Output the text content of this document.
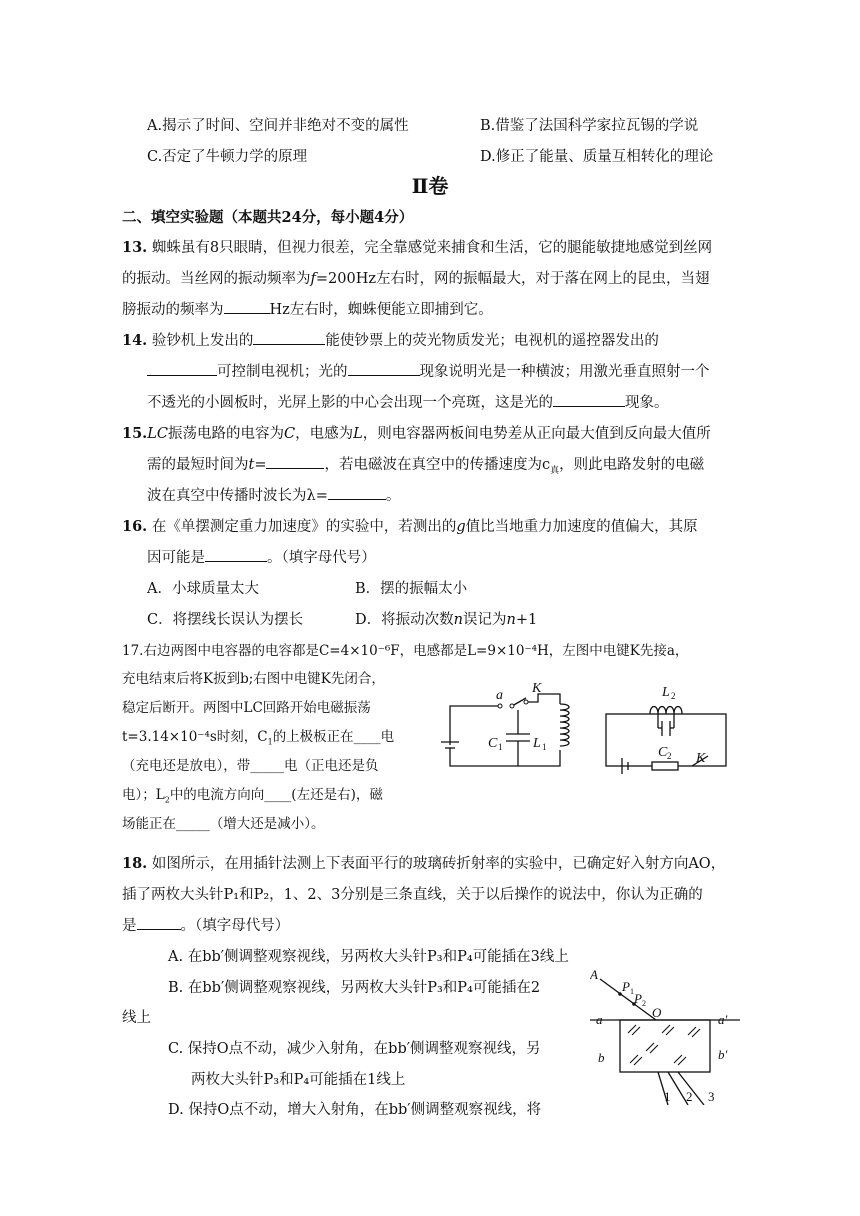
A.揭示了时间、空间并非绝对不变的属性	B.借鉴了法国科学家拉瓦锡的学说
C.否定了牛顿力学的原理	D.修正了能量、质量互相转化的理论
Ⅱ卷
二、填空实验题（本题共24分，每小题4分）
13. 蜘蛛虽有8只眼睛，但视力很差，完全靠感觉来捕食和生活，它的腿能敏捷地感觉到丝网
的振动。当丝网的振动频率为f=200Hz左右时，网的振幅最大，对于落在网上的昆虫，当翅
膀振动的频率为	Hz左右时，蜘蛛便能立即捕到它。
14. 验钞机上发出的	能使钞票上的荧光物质发光；电视机的遥控器发出的
可控制电视机；光的	现象说明光是一种横波；用激光垂直照射一个
不透光的小圆板时，光屏上影的中心会出现一个亮斑，这是光的	现象。
15.LC振荡电路的电容为C，电感为L，则电容器两板间电势差从正向最大值到反向最大值所
需的最短时间为t=	，若电磁波在真空中的传播速度为$c_真$，则此电路发射的电磁
波在真空中传播时波长为λ=	。
16. 在《单摆测定重力加速度》的实验中，若测出的g值比当地重力加速度的值偏大，其原
因可能是	。（填字母代号）
A．小球质量太大	B．摆的振幅太小
C．将摆线长误认为摆长	D．将振动次数n误记为n+1
17.右边两图中电容器的电容都是C=4×10⁻⁶F，电感都是L=9×10⁻⁴H，左图中电键K先接a，
充电结束后将K扳到b;右图中电键K先闭合，
稳定后断开。两图中LC回路开始电磁振荡
t=3.14×10⁻⁴s时刻，$C_1$的上极板正在____电
（充电还是放电），带_____电（正电还是负
电）；$L_2$中的电流方向向____(左还是右)，磁
场能正在_____（增大还是减小）。
a K
C 1 L 1
L 2
C 2 K
18. 如图所示，在用插针法测上下表面平行的玻璃砖折射率的实验中，已确定好入射方向AO，
插了两枚大头针P₁和P₂，1、2、3分别是三条直线，关于以后操作的说法中，你认为正确的
是	。（填字母代号）
A. 在bb′侧调整观察视线，另两枚大头针P₃和P₄可能插在3线上
B. 在bb′侧调整观察视线，另两枚大头针P₃和P₄可能插在2
线上
C. 保持O点不动，减少入射角，在bb′侧调整观察视线，另
两枚大头针P₃和P₄可能插在1线上
D. 保持O点不动，增大入射角，在bb′侧调整观察视线，将
A
P 1 P 2
O
a	a′
b	b′
1 2 3
